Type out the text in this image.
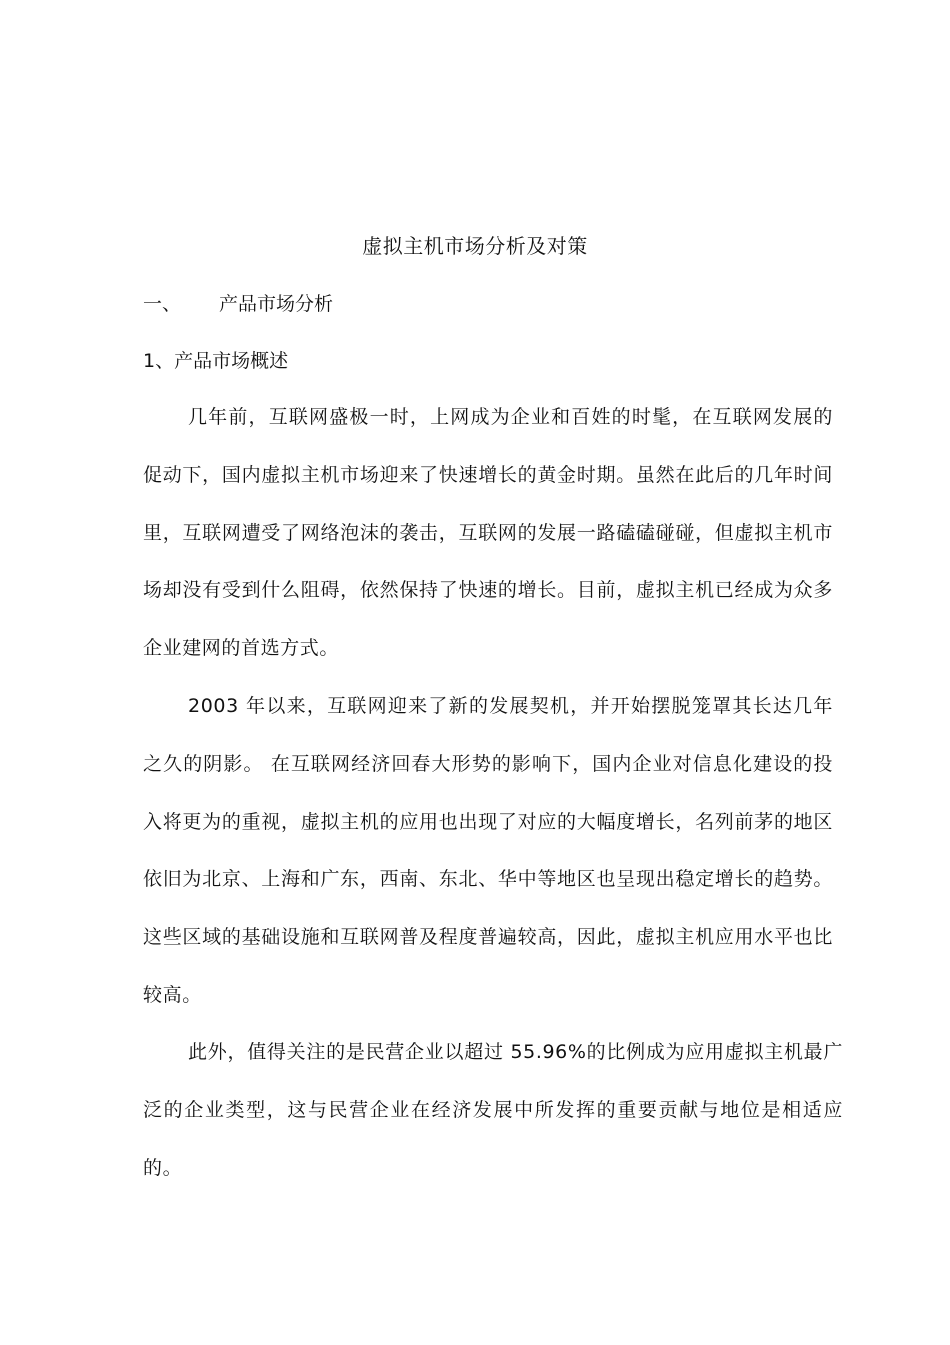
虚拟主机市场分析及对策
一、 产品市场分析
1、产品市场概述

几年前，互联网盛极一时，上网成为企业和百姓的时髦，在互联网发展的促动下，国内虚拟主机市场迎来了快速增长的黄金时期。虽然在此后的几年时间里，互联网遭受了网络泡沫的袭击，互联网的发展一路磕磕碰碰，但虚拟主机市场却没有受到什么阻碍，依然保持了快速的增长。目前，虚拟主机已经成为众多企业建网的首选方式。

2003 年以来，互联网迎来了新的发展契机，并开始摆脱笼罩其长达几年之久的阴影。 在互联网经济回春大形势的影响下，国内企业对信息化建设的投入将更为的重视，虚拟主机的应用也出现了对应的大幅度增长，名列前茅的地区依旧为北京、上海和广东，西南、东北、华中等地区也呈现出稳定增长的趋势。这些区域的基础设施和互联网普及程度普遍较高，因此，虚拟主机应用水平也比较高。

此外，值得关注的是民营企业以超过 55.96%的比例成为应用虚拟主机最广泛的企业类型，这与民营企业在经济发展中所发挥的重要贡献与地位是相适应的。
